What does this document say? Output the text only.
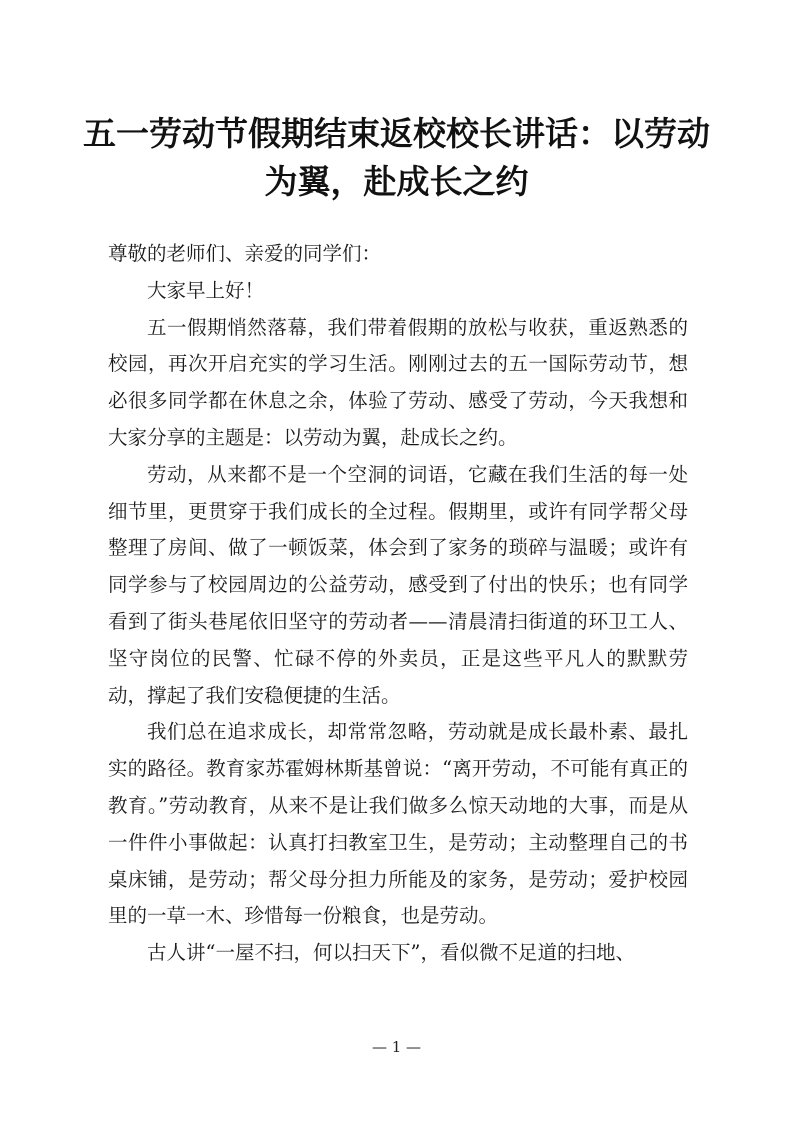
五一劳动节假期结束返校校长讲话：以劳动为翼，赴成长之约

尊敬的老师们、亲爱的同学们：

大家早上好！

五一假期悄然落幕，我们带着假期的放松与收获，重返熟悉的校园，再次开启充实的学习生活。刚刚过去的五一国际劳动节，想必很多同学都在休息之余，体验了劳动、感受了劳动，今天我想和大家分享的主题是：以劳动为翼，赴成长之约。

劳动，从来都不是一个空洞的词语，它藏在我们生活的每一处细节里，更贯穿于我们成长的全过程。假期里，或许有同学帮父母整理了房间、做了一顿饭菜，体会到了家务的琐碎与温暖；或许有同学参与了校园周边的公益劳动，感受到了付出的快乐；也有同学看到了街头巷尾依旧坚守的劳动者——清晨清扫街道的环卫工人、坚守岗位的民警、忙碌不停的外卖员，正是这些平凡人的默默劳动，撑起了我们安稳便捷的生活。

我们总在追求成长，却常常忽略，劳动就是成长最朴素、最扎实的路径。教育家苏霍姆林斯基曾说：“离开劳动，不可能有真正的教育。”劳动教育，从来不是让我们做多么惊天动地的大事，而是从一件件小事做起：认真打扫教室卫生，是劳动；主动整理自己的书桌床铺，是劳动；帮父母分担力所能及的家务，是劳动；爱护校园里的一草一木、珍惜每一份粮食，也是劳动。

古人讲“一屋不扫，何以扫天下”，看似微不足道的扫地、

— 1 —
